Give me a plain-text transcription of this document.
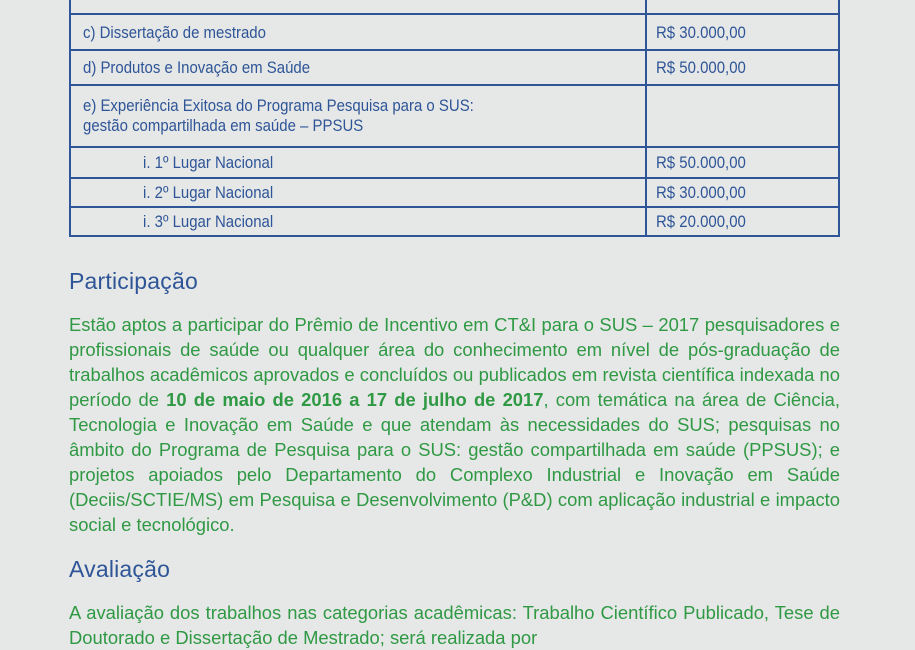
c) Dissertação de mestrado	R$ 30.000,00
d) Produtos e Inovação em Saúde	R$ 50.000,00

e) Experiência Exitosa do Programa Pesquisa para o SUS:
gestão compartilhada em saúde – PPSUS	

i. 1º Lugar Nacional	R$ 50.000,00
i. 2º Lugar Nacional	R$ 30.000,00
i. 3º Lugar Nacional	R$ 20.000,00
Participação

Estão aptos a participar do Prêmio de Incentivo em CT&I para o SUS – 2017 pesquisadores e profissionais de saúde ou qualquer área do conhecimento em nível de pós-graduação de trabalhos acadêmicos aprovados e concluídos ou publicados em revista científica indexada no período de 10 de maio de 2016 a 17 de julho de 2017, com temática na área de Ciência, Tecnologia e Inovação em Saúde e que atendam às necessidades do SUS; pesquisas no âmbito do Programa de Pesquisa para o SUS: gestão compartilhada em saúde (PPSUS); e projetos apoiados pelo Departamento do Complexo Industrial e Inovação em Saúde (Deciis/SCTIE/MS) em Pesquisa e Desenvolvimento (P&D) com aplicação industrial e impacto social e tecnológico.

Avaliação

A avaliação dos trabalhos nas categorias acadêmicas: Trabalho Científico Publicado, Tese de Doutorado e Dissertação de Mestrado; será realizada por
